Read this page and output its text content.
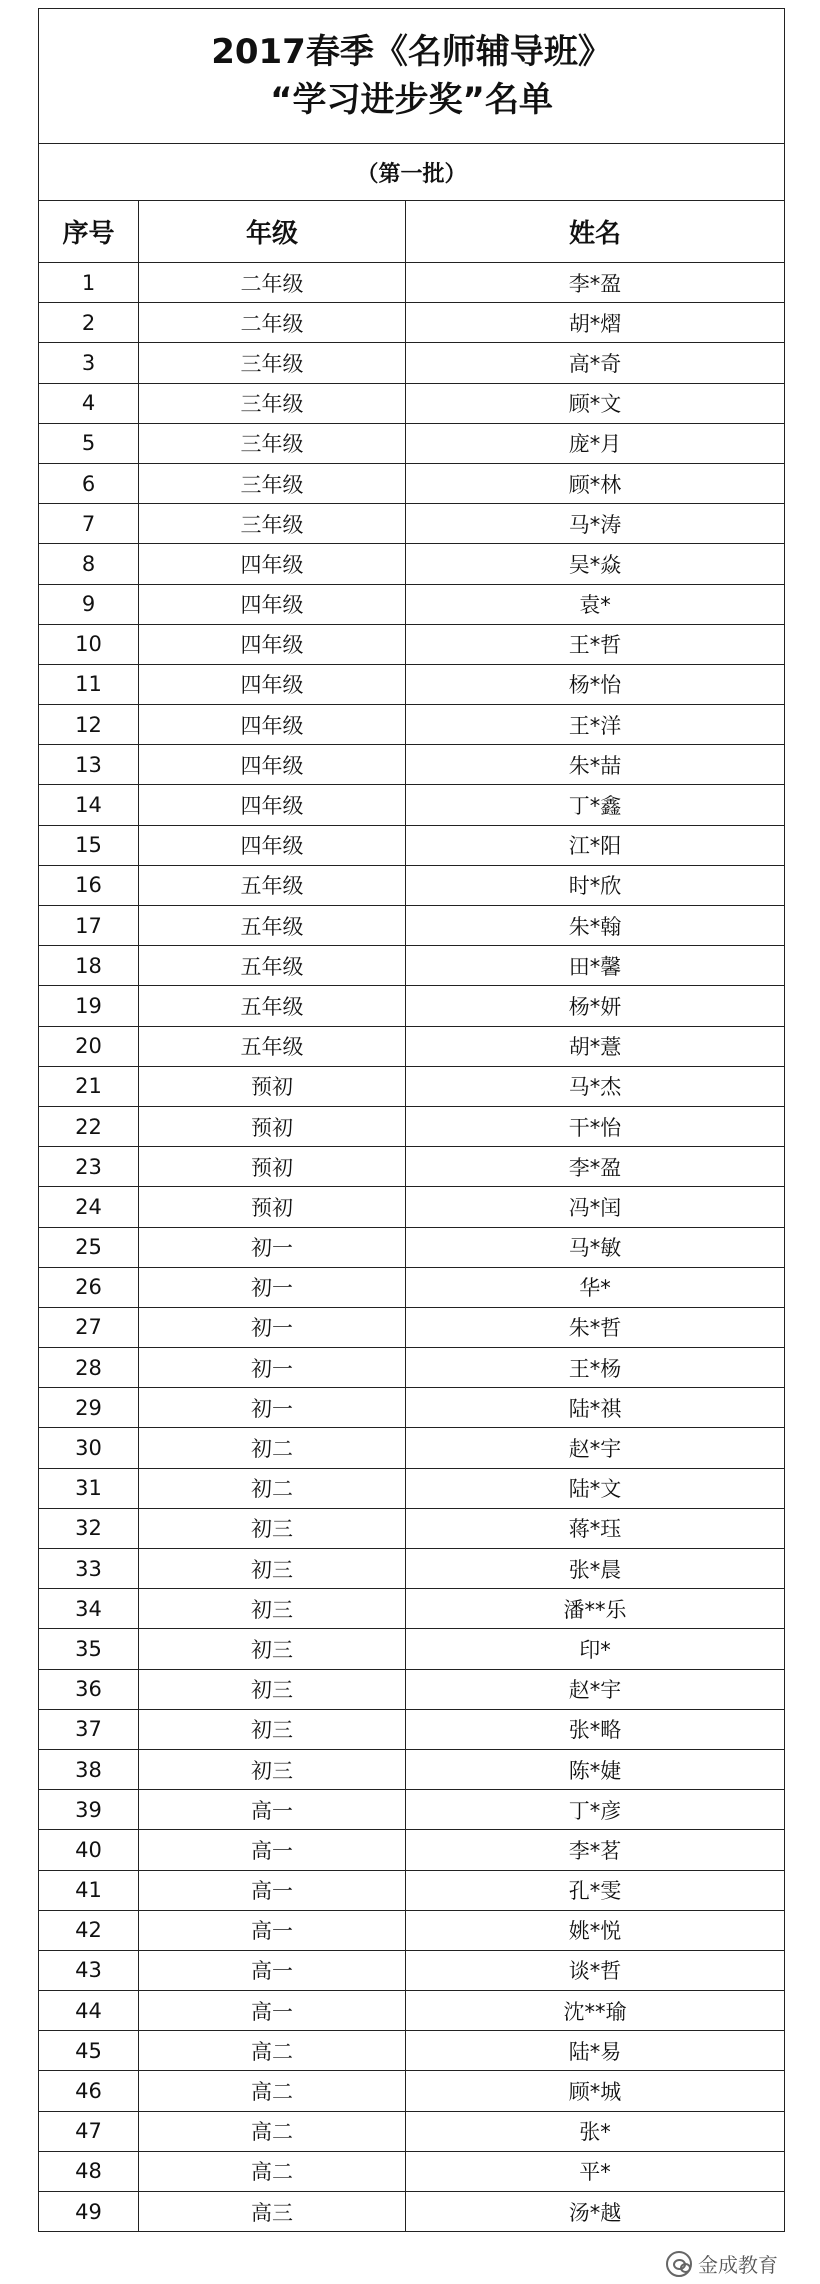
2017春季《名师辅导班》
“学习进步奖”名单		

（第一批）		
序号	年级	姓名
1	二年级	李*盈
2	二年级	胡*熠
3	三年级	高*奇
4	三年级	顾*文
5	三年级	庞*月
6	三年级	顾*林
7	三年级	马*涛
8	四年级	吴*焱
9	四年级	袁*
10	四年级	王*哲
11	四年级	杨*怡
12	四年级	王*洋
13	四年级	朱*喆
14	四年级	丁*鑫
15	四年级	江*阳
16	五年级	时*欣
17	五年级	朱*翰
18	五年级	田*馨
19	五年级	杨*妍
20	五年级	胡*薏
21	预初	马*杰
22	预初	干*怡
23	预初	李*盈
24	预初	冯*闰
25	初一	马*敏
26	初一	华*
27	初一	朱*哲
28	初一	王*杨
29	初一	陆*祺
30	初二	赵*宇
31	初二	陆*文
32	初三	蒋*珏
33	初三	张*晨
34	初三	潘**乐
35	初三	印*
36	初三	赵*宇
37	初三	张*略
38	初三	陈*婕
39	高一	丁*彦
40	高一	李*茗
41	高一	孔*雯
42	高一	姚*悦
43	高一	谈*哲
44	高一	沈**瑜
45	高二	陆*易
46	高二	顾*城
47	高二	张*
48	高二	平*
49	高三	汤*越
金成教育
